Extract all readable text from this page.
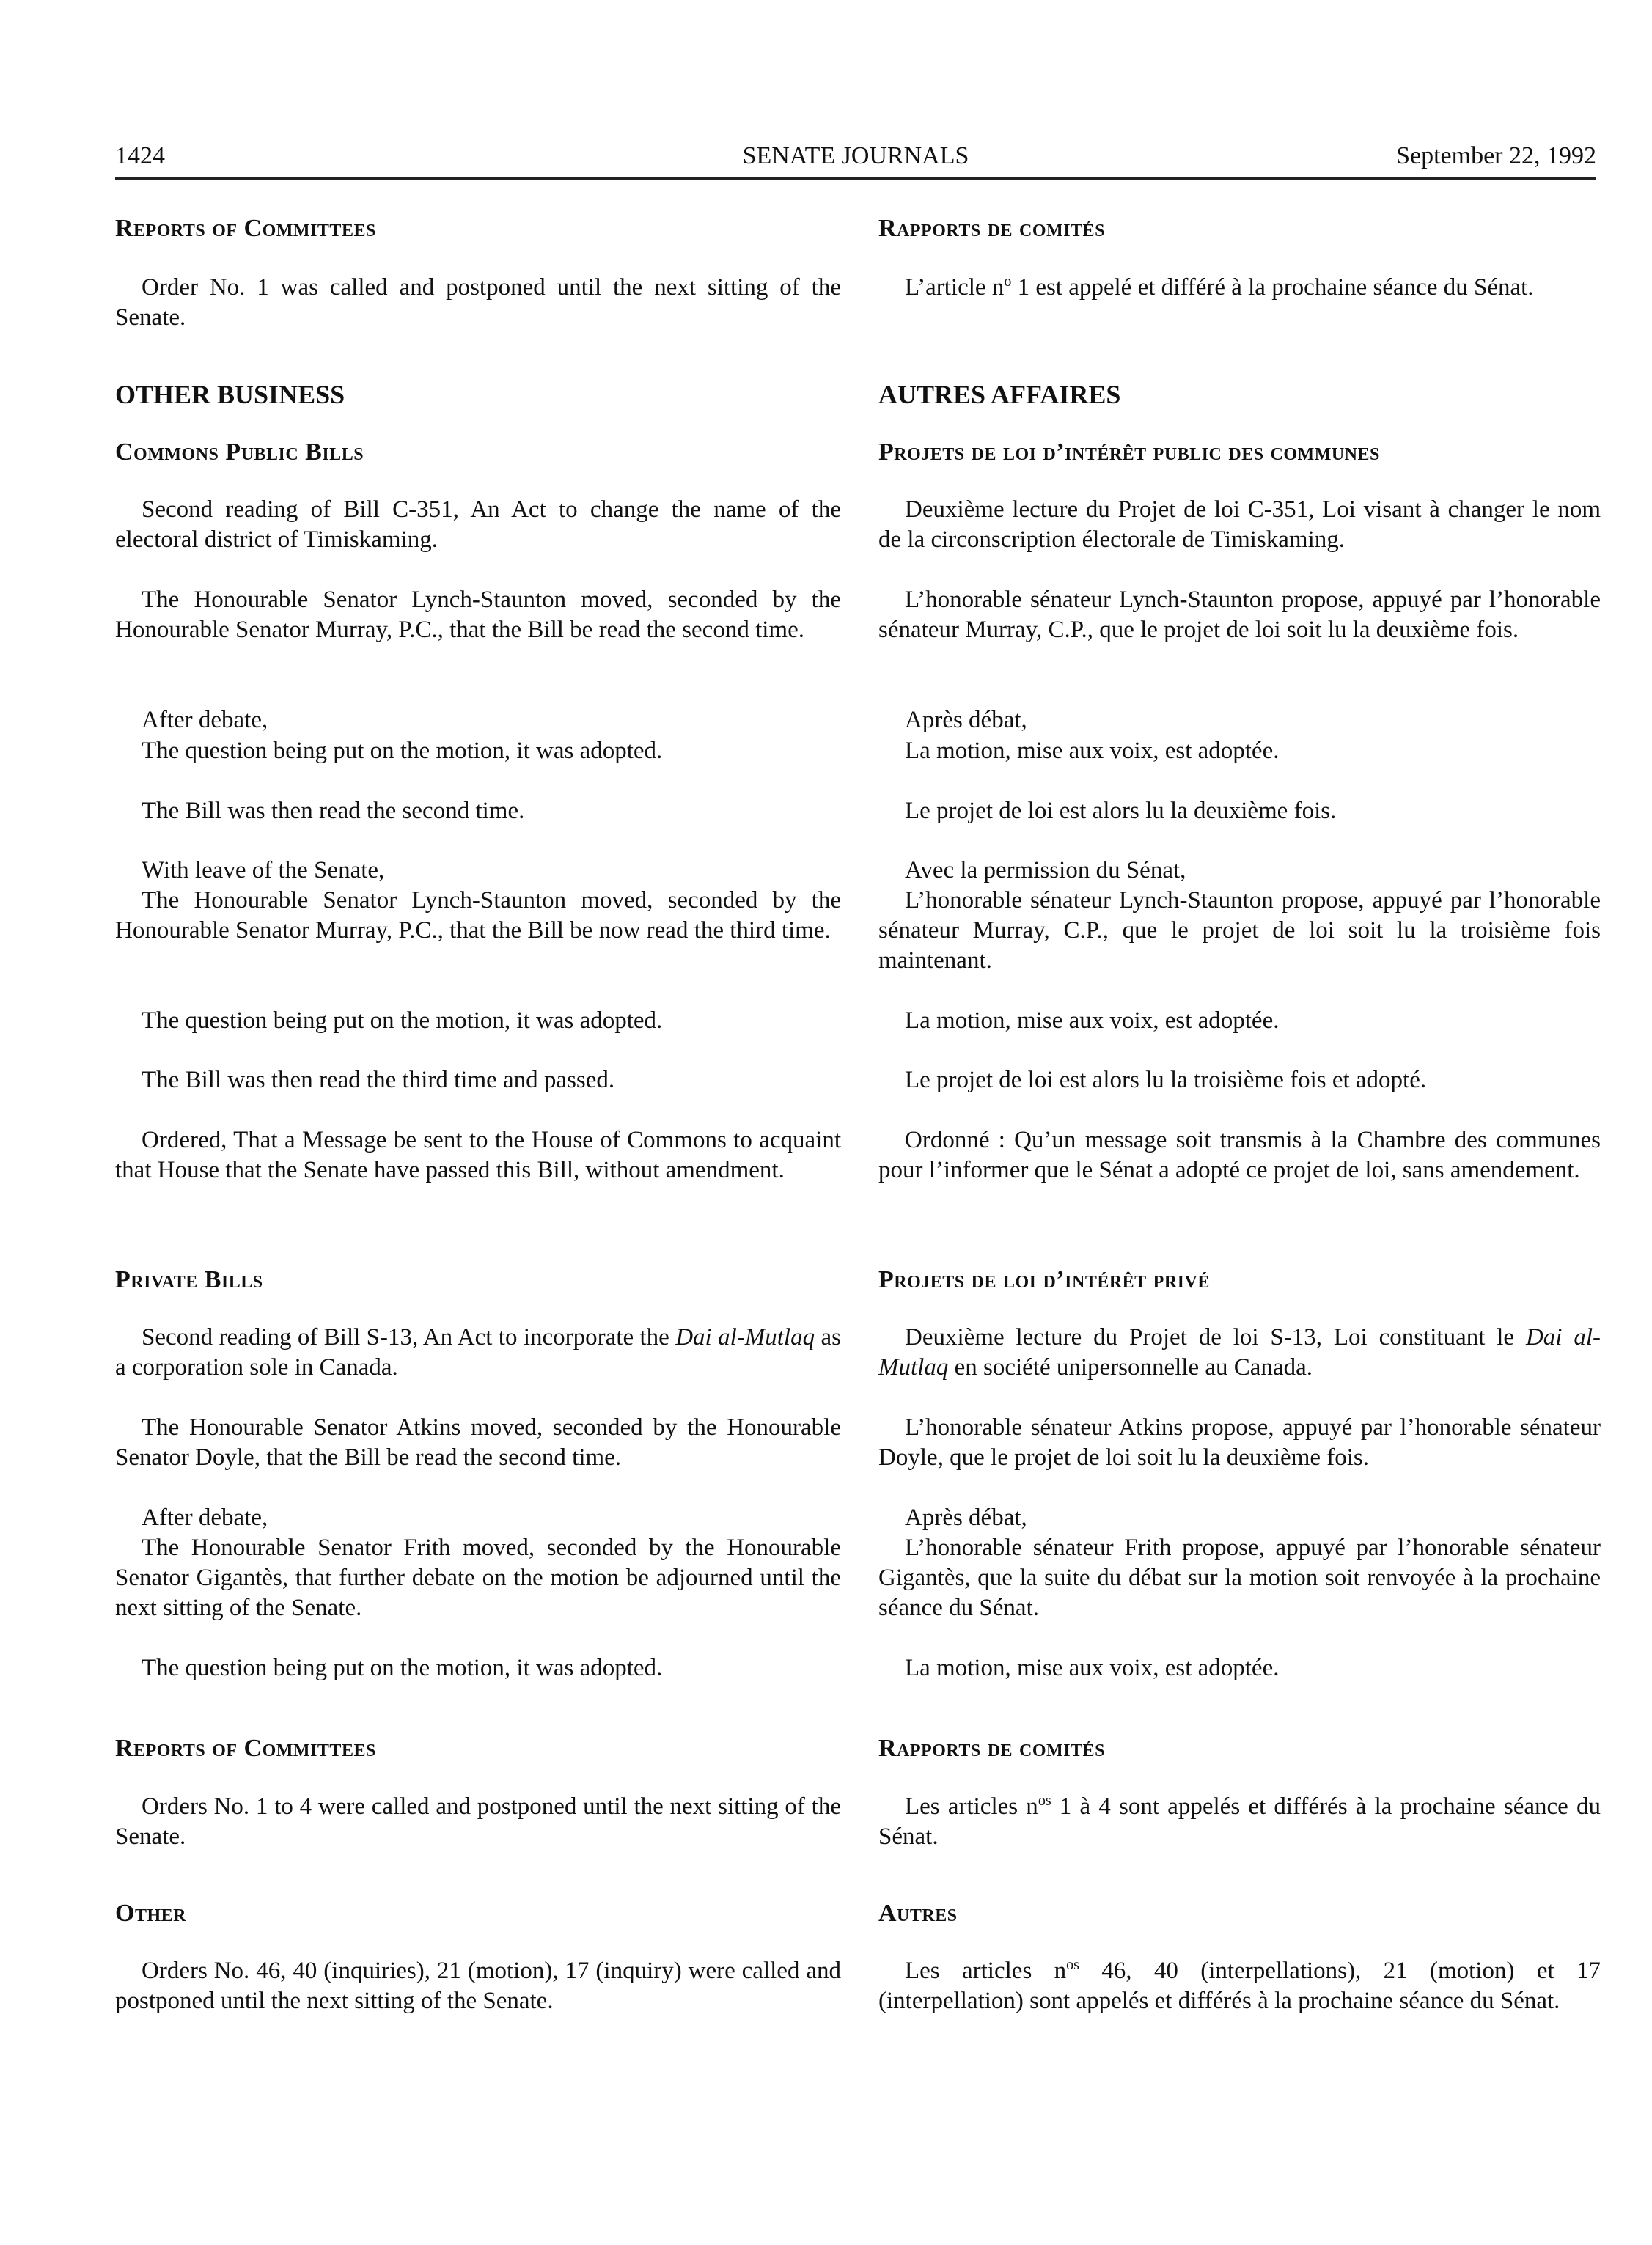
1424	SENATE JOURNALS	September 22, 1992
Reports of Committees
Order No. 1 was called and postponed until the next sitting of the Senate.
OTHER BUSINESS
Commons Public Bills
Second reading of Bill C-351, An Act to change the name of the electoral district of Timiskaming.
The Honourable Senator Lynch-Staunton moved, seconded by the Honourable Senator Murray, P.C., that the Bill be read the second time.
After debate,
The question being put on the motion, it was adopted.
The Bill was then read the second time.
With leave of the Senate,
The Honourable Senator Lynch-Staunton moved, seconded by the Honourable Senator Murray, P.C., that the Bill be now read the third time.
The question being put on the motion, it was adopted.
The Bill was then read the third time and passed.
Ordered, That a Message be sent to the House of Commons to acquaint that House that the Senate have passed this Bill, without amendment.
Private Bills
Second reading of Bill S-13, An Act to incorporate the Dai al-Mutlaq as a corporation sole in Canada.
The Honourable Senator Atkins moved, seconded by the Honourable Senator Doyle, that the Bill be read the second time.
After debate,
The Honourable Senator Frith moved, seconded by the Honourable Senator Gigantès, that further debate on the motion be adjourned until the next sitting of the Senate.
The question being put on the motion, it was adopted.
Reports of Committees
Orders No. 1 to 4 were called and postponed until the next sitting of the Senate.
Other
Orders No. 46, 40 (inquiries), 21 (motion), 17 (inquiry) were called and postponed until the next sitting of the Senate.
Rapports de comités
L’article $n^o$ 1 est appelé et différé à la prochaine séance du Sénat.
AUTRES AFFAIRES
Projets de loi d’intérêt public des communes
Deuxième lecture du Projet de loi C-351, Loi visant à changer le nom de la circonscription électorale de Timiskaming.
L’honorable sénateur Lynch-Staunton propose, appuyé par l’honorable sénateur Murray, C.P., que le projet de loi soit lu la deuxième fois.
Après débat,
La motion, mise aux voix, est adoptée.
Le projet de loi est alors lu la deuxième fois.
Avec la permission du Sénat,
L’honorable sénateur Lynch-Staunton propose, appuyé par l’honorable sénateur Murray, C.P., que le projet de loi soit lu la troisième fois maintenant.
La motion, mise aux voix, est adoptée.
Le projet de loi est alors lu la troisième fois et adopté.
Ordonné : Qu’un message soit transmis à la Chambre des communes pour l’informer que le Sénat a adopté ce projet de loi, sans amendement.
Projets de loi d’intérêt privé
Deuxième lecture du Projet de loi S-13, Loi constituant le Dai al-Mutlaq en société unipersonnelle au Canada.
L’honorable sénateur Atkins propose, appuyé par l’honorable sénateur Doyle, que le projet de loi soit lu la deuxième fois.
Après débat,
L’honorable sénateur Frith propose, appuyé par l’honorable sénateur Gigantès, que la suite du débat sur la motion soit renvoyée à la prochaine séance du Sénat.
La motion, mise aux voix, est adoptée.
Rapports de comités
Les articles $n^{os}$ 1 à 4 sont appelés et différés à la prochaine séance du Sénat.
Autres
Les articles $n^{os}$ 46, 40 (interpellations), 21 (motion) et 17 (interpellation) sont appelés et différés à la prochaine séance du Sénat.
